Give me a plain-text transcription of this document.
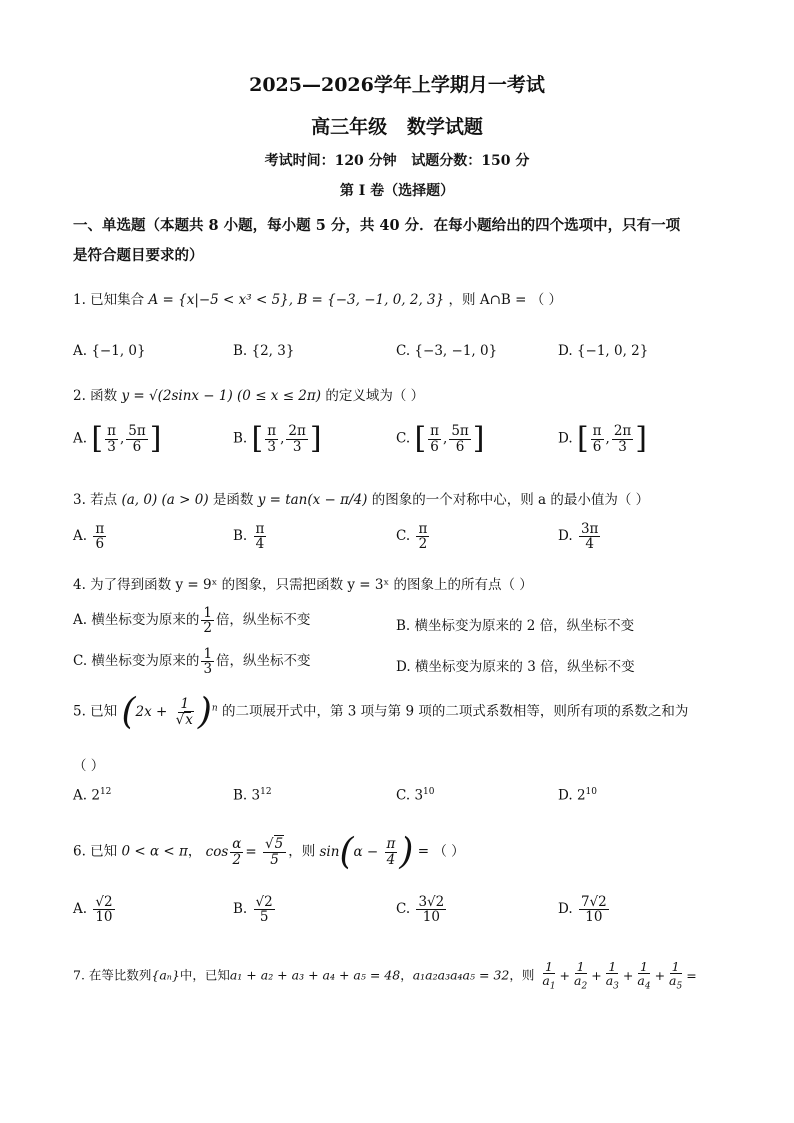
2025—2026学年上学期月一考试
高三年级   数学试题
考试时间：120 分钟   试题分数：150 分
第 I 卷（选择题）
一、单选题（本题共 8 小题，每小题 5 分，共 40 分．在每小题给出的四个选项中，只有一项
是符合题目要求的）
1. 已知集合 A = {x|−5 < x³ < 5}, B = {−3, −1, 0, 2, 3} ，则 A∩B = （ ）
A. {−1, 0}	B. {2, 3}	C. {−3, −1, 0}	D. {−1, 0, 2}
2. 函数 y = √(2sinx − 1) (0 ≤ x ≤ 2π) 的定义域为（ ）
A. [ $\frac{\pi}{3}$ , $\frac{5\pi}{6}$ ]	B. [ $\frac{\pi}{3}$ , $\frac{2\pi}{3}$ ]	C. [ $\frac{\pi}{6}$ , $\frac{5\pi}{6}$ ]	D. [ $\frac{\pi}{6}$ , $\frac{2\pi}{3}$ ]
3. 若点 (a, 0) (a > 0) 是函数 y = tan(x − π/4) 的图象的一个对称中心，则 a 的最小值为（ ）
A. $\frac{\pi}{6}$	B. $\frac{\pi}{4}$	C. $\frac{\pi}{2}$	D. $\frac{3\pi}{4}$
4. 为了得到函数 y = 9ˣ 的图象，只需把函数 y = 3ˣ 的图象上的所有点（ ）
A. 横坐标变为原来的 $\frac{1}{2}$ 倍，纵坐标不变	B. 横坐标变为原来的 2 倍，纵坐标不变
C. 横坐标变为原来的 $\frac{1}{3}$ 倍，纵坐标不变	D. 横坐标变为原来的 3 倍，纵坐标不变
5. 已知 $(2x + \frac{1}{√x} )^n$ 的二项展开式中，第 3 项与第 9 项的二项式系数相等，则所有项的系数之和为
（ ）
A. $2^{12}$	B. $3^{12}$	C. $3^{10}$	D. $2^{10}$
6. 已知 0 < α < π， $\cos \frac{\alpha}{2} = \frac{√5}{5}$ ，则 $\sin(\alpha - \frac{\pi}{4}$ ) = （ ）
A. $\frac{√2}{10}$	B. $\frac{√2}{5}$	C. $\frac{3√2}{10}$	D. $\frac{7√2}{10}$
7. 在等比数列{aₙ}中，已知a₁ + a₂ + a₃ + a₄ + a₅ = 48，a₁a₂a₃a₄a₅ = 32，则 $\frac{1}{a_1} + \frac{1}{a_2} + \frac{1}{a_3} + \frac{1}{a_4} + \frac{1}{a_5}$ =
